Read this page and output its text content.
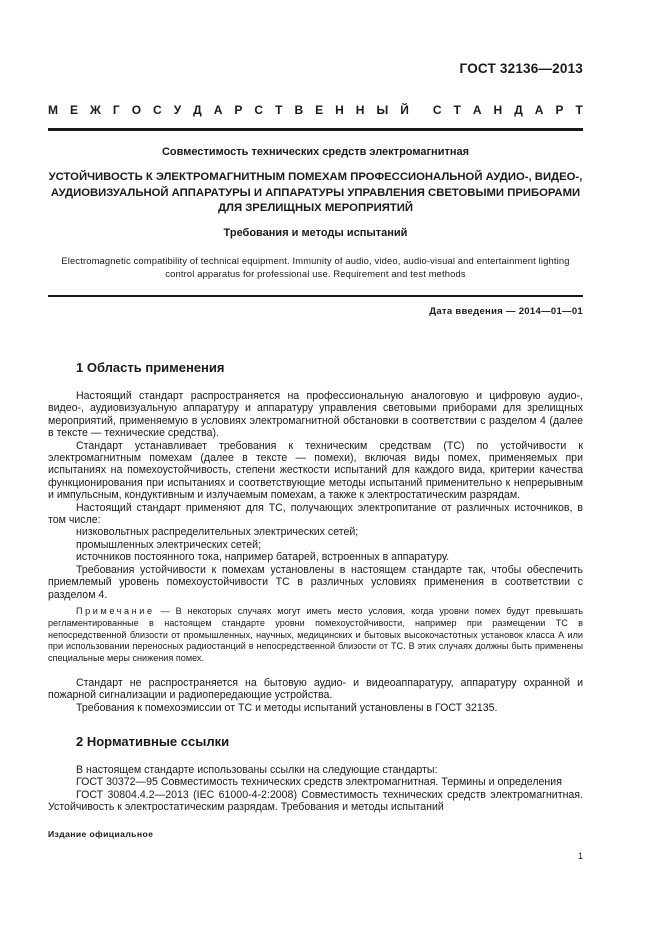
ГОСТ 32136—2013
М Е Ж Г О С У Д А Р С Т В Е Н Н Ы Й С Т А Н Д А Р Т
Совместимость технических средств электромагнитная
УСТОЙЧИВОСТЬ К ЭЛЕКТРОМАГНИТНЫМ ПОМЕХАМ ПРОФЕССИОНАЛЬНОЙ АУДИО-, ВИДЕО-,
АУДИОВИЗУАЛЬНОЙ АППАРАТУРЫ И АППАРАТУРЫ УПРАВЛЕНИЯ СВЕТОВЫМИ ПРИБОРАМИ
ДЛЯ ЗРЕЛИЩНЫХ МЕРОПРИЯТИЙ
Требования и методы испытаний
Electromagnetic compatibility of technical equipment. Immunity of audio, video, audio-visual and entertainment lighting
control apparatus for professional use. Requirement and test methods
Дата введения — 2014—01—01
1 Область применения

Настоящий стандарт распространяется на профессиональную аналоговую и цифровую аудио-, видео-, аудиовизуальную аппаратуру и аппаратуру управления световыми приборами для зрелищных мероприятий, применяемую в условиях электромагнитной обстановки в соответствии с разделом 4 (далее в тексте — технические средства).

Стандарт устанавливает требования к техническим средствам (ТС) по устойчивости к электромагнитным помехам (далее в тексте — помехи), включая виды помех, применяемых при испытаниях на помехоустойчивость, степени жесткости испытаний для каждого вида, критерии качества функционирования при испытаниях и соответствующие методы испытаний применительно к непрерывным и импульсным, кондуктивным и излучаемым помехам, а также к электростатическим разрядам.

Настоящий стандарт применяют для ТС, получающих электропитание от различных источников, в том числе:

низковольтных распределительных электрических сетей;

промышленных электрических сетей;

источников постоянного тока, например батарей, встроенных в аппаратуру.

Требования устойчивости к помехам установлены в настоящем стандарте так, чтобы обеспечить приемлемый уровень помехоустойчивости ТС в различных условиях применения в соответствии с разделом 4.

Примечание — В некоторых случаях могут иметь место условия, когда уровни помех будут превышать регламентированные в настоящем стандарте уровни помехоустойчивости, например при размещении ТС в непосредственной близости от промышленных, научных, медицинских и бытовых высокочастотных установок класса А или при использовании переносных радиостанций в непосредственной близости от ТС. В этих случаях должны быть применены специальные меры снижения помех.

Стандарт не распространяется на бытовую аудио- и видеоаппаратуру, аппаратуру охранной и пожарной сигнализации и радиопередающие устройства.

Требования к помехоэмиссии от ТС и методы испытаний установлены в ГОСТ 32135.

2 Нормативные ссылки

В настоящем стандарте использованы ссылки на следующие стандарты:

ГОСТ 30372—95 Совместимость технических средств электромагнитная. Термины и определения

ГОСТ 30804.4.2—2013 (IEC 61000-4-2:2008) Совместимость технических средств электромагнитная. Устойчивость к электростатическим разрядам. Требования и методы испытаний

Издание официальное
1
